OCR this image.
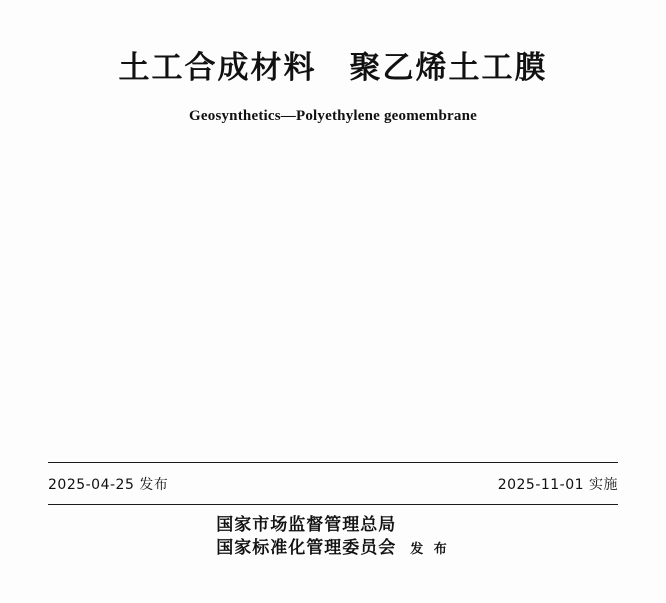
土工合成材料　聚乙烯土工膜
Geosynthetics—Polyethylene geomembrane
2025-04-25 发布	2025-11-01 实施
国家市场监督管理总局
国家标准化管理委员会 发 布
